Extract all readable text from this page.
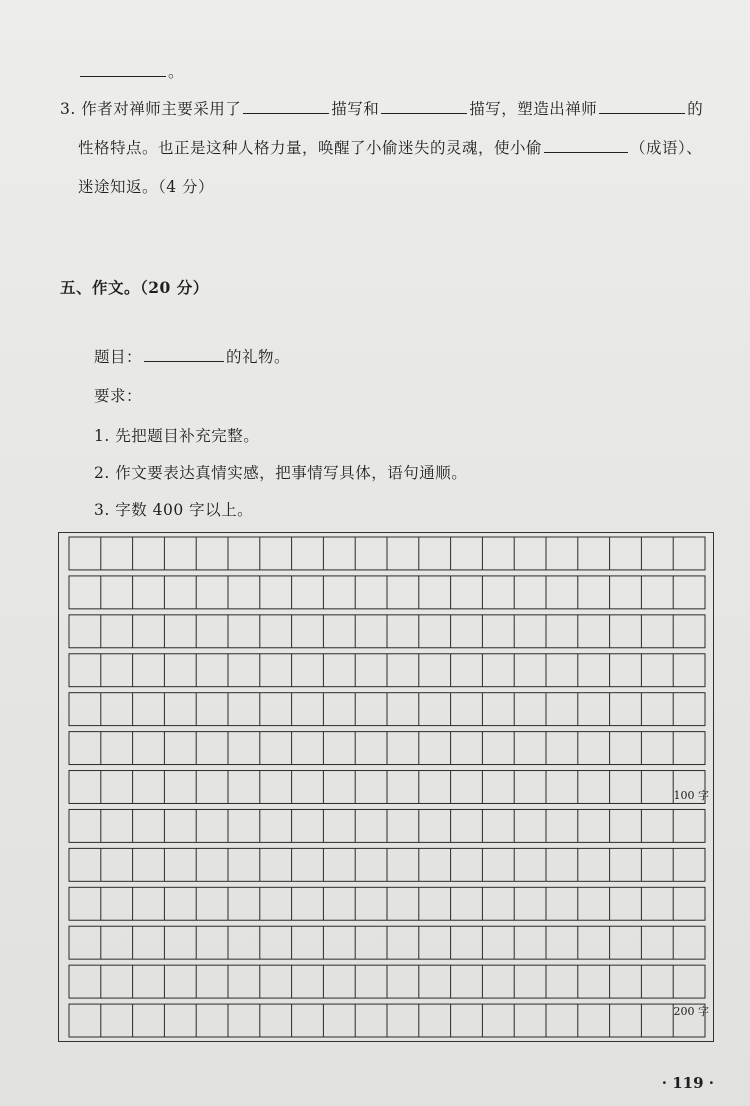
。
3. 作者对禅师主要采用了	描写和	描写，塑造出禅师	的
性格特点。也正是这种人格力量，唤醒了小偷迷失的灵魂，使小偷	（成语）、
迷途知返。（4 分）
五、作文。（20 分）
题目：	的礼物。
要求：
1. 先把题目补充完整。
2. 作文要表达真情实感，把事情写具体，语句通顺。
3. 字数 400 字以上。
100 字
200 字
· 119 ·
